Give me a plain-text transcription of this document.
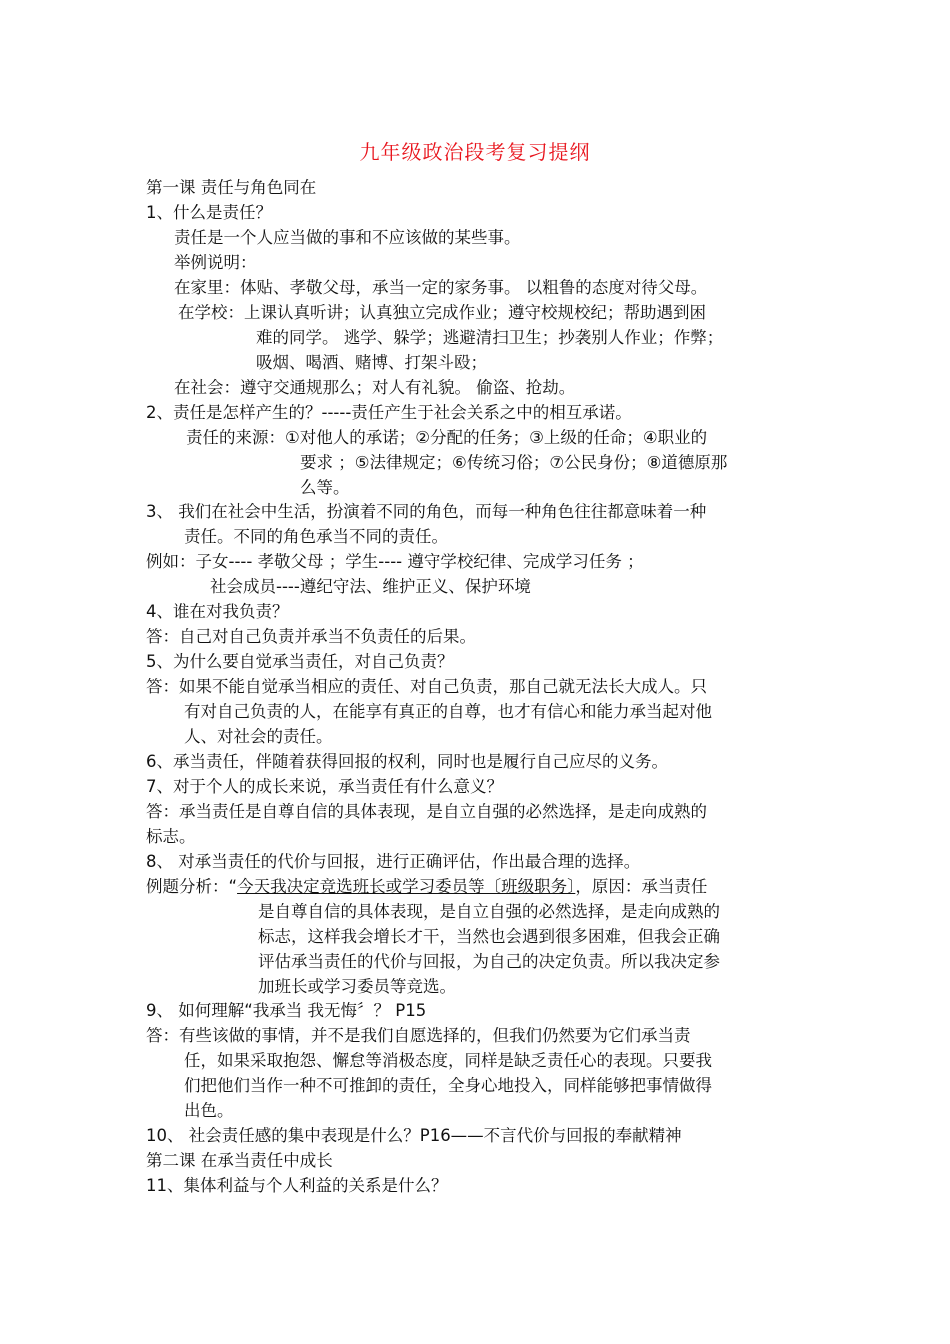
九年级政治段考复习提纲
第一课 责任与角色同在
1、什么是责任？
责任是一个人应当做的事和不应该做的某些事。
举例说明：
在家里：体贴、孝敬父母，承当一定的家务事。 以粗鲁的态度对待父母。
在学校：上课认真听讲；认真独立完成作业；遵守校规校纪；帮助遇到困
难的同学。 逃学、躲学；逃避清扫卫生；抄袭别人作业；作弊；
吸烟、喝酒、赌博、打架斗殴；
在社会：遵守交通规那么；对人有礼貌。 偷盗、抢劫。
2、责任是怎样产生的？-----责任产生于社会关系之中的相互承诺。
责任的来源：①对他人的承诺；②分配的任务；③上级的任命；④职业的
要求 ；⑤法律规定；⑥传统习俗；⑦公民身份；⑧道德原那
么等。
3、 我们在社会中生活，扮演着不同的角色，而每一种角色往往都意味着一种
责任。不同的角色承当不同的责任。
例如：子女---- 孝敬父母 ；学生---- 遵守学校纪律、完成学习任务 ；
社会成员----遵纪守法、维护正义、保护环境
4、谁在对我负责？
答：自己对自己负责并承当不负责任的后果。
5、为什么要自觉承当责任，对自己负责？
答：如果不能自觉承当相应的责任、对自己负责，那自己就无法长大成人。只
有对自己负责的人，在能享有真正的自尊，也才有信心和能力承当起对他
人、对社会的责任。
6、承当责任，伴随着获得回报的权利，同时也是履行自己应尽的义务。
7、对于个人的成长来说，承当责任有什么意义？
答：承当责任是自尊自信的具体表现，是自立自强的必然选择，是走向成熟的
标志。
8、 对承当责任的代价与回报，进行正确评估，作出最合理的选择。
例题分析：“今天我决定竞选班长或学习委员等〔班级职务〕，原因：承当责任
是自尊自信的具体表现，是自立自强的必然选择，是走向成熟的
标志，这样我会增长才干，当然也会遇到很多困难，但我会正确
评估承当责任的代价与回报，为自己的决定负责。所以我决定参
加班长或学习委员等竞选。
9、 如何理解“我承当 我无悔〞？ P15
答：有些该做的事情，并不是我们自愿选择的，但我们仍然要为它们承当责
任，如果采取抱怨、懈怠等消极态度，同样是缺乏责任心的表现。只要我
们把他们当作一种不可推卸的责任，全身心地投入，同样能够把事情做得
出色。
10、 社会责任感的集中表现是什么？P16——不言代价与回报的奉献精神
第二课 在承当责任中成长
11、集体利益与个人利益的关系是什么？
